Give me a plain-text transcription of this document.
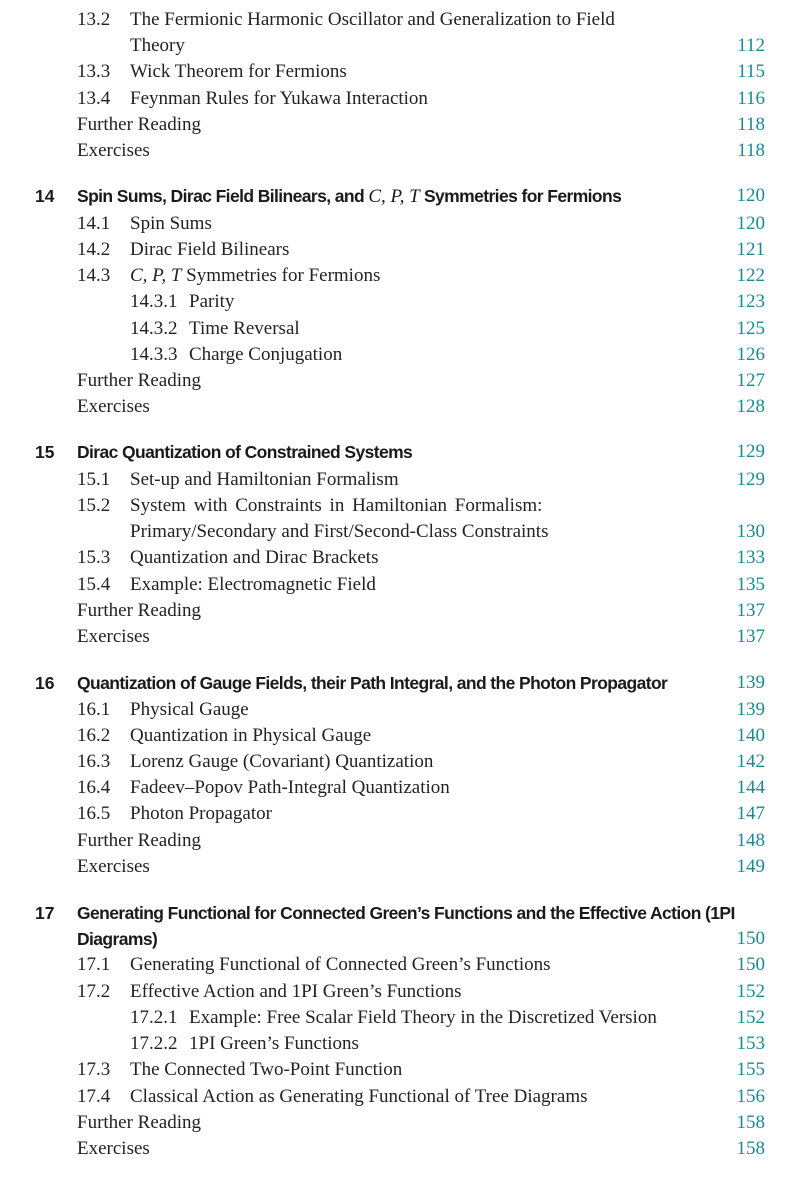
13.2 The Fermionic Harmonic Oscillator and Generalization to Field
Theory	112
13.3 Wick Theorem for Fermions	115
13.4 Feynman Rules for Yukawa Interaction	116
Further Reading	118
Exercises	118
14 Spin Sums, Dirac Field Bilinears, and C, P, T Symmetries for Fermions	120
14.1 Spin Sums	120
14.2 Dirac Field Bilinears	121
14.3 C, P, T Symmetries for Fermions	122
14.3.1 Parity	123
14.3.2 Time Reversal	125
14.3.3 Charge Conjugation	126
Further Reading	127
Exercises	128
15 Dirac Quantization of Constrained Systems	129
15.1 Set-up and Hamiltonian Formalism	129
15.2 System with Constraints in Hamiltonian Formalism:
Primary/Secondary and First/Second-Class Constraints	130
15.3 Quantization and Dirac Brackets	133
15.4 Example: Electromagnetic Field	135
Further Reading	137
Exercises	137
16 Quantization of Gauge Fields, their Path Integral, and the Photon Propagator	139
16.1 Physical Gauge	139
16.2 Quantization in Physical Gauge	140
16.3 Lorenz Gauge (Covariant) Quantization	142
16.4 Fadeev–Popov Path-Integral Quantization	144
16.5 Photon Propagator	147
Further Reading	148
Exercises	149
17 Generating Functional for Connected Green’s Functions and the Effective Action (1PI
Diagrams)	150
17.1 Generating Functional of Connected Green’s Functions	150
17.2 Effective Action and 1PI Green’s Functions	152
17.2.1 Example: Free Scalar Field Theory in the Discretized Version	152
17.2.2 1PI Green’s Functions	153
17.3 The Connected Two-Point Function	155
17.4 Classical Action as Generating Functional of Tree Diagrams	156
Further Reading	158
Exercises	158
